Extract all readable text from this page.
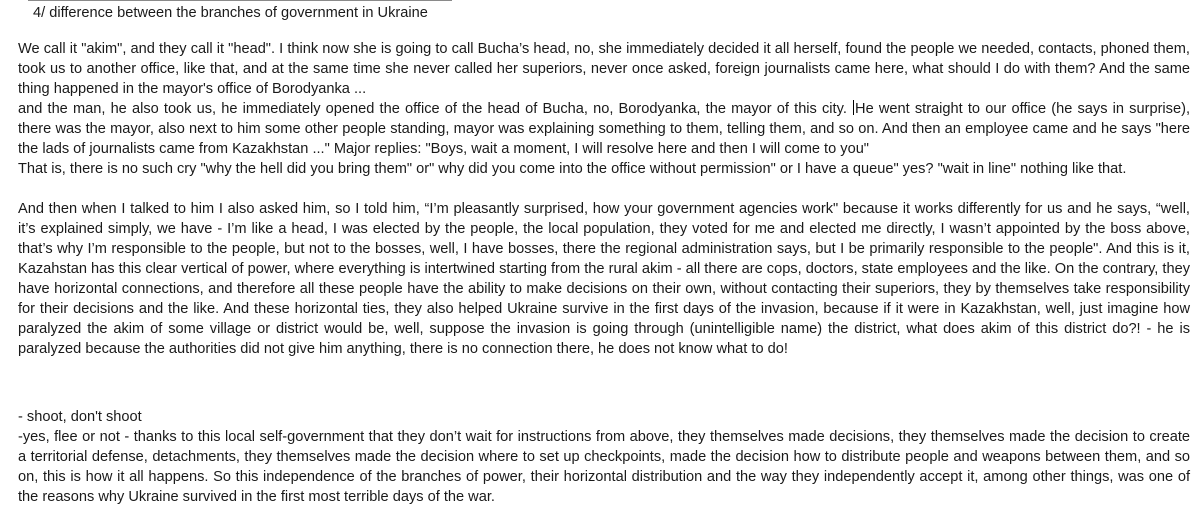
4/ difference between the branches of government in Ukraine

We call it "akim", and they call it "head". I think now she is going to call Bucha’s head, no, she immediately decided it all herself, found the people we needed, contacts, phoned them, took us to another office, like that, and at the same time she never called her superiors, never once asked, foreign journalists came here, what should I do with them? And the same thing happened in the mayor's office of Borodyanka ...

and the man, he also took us, he immediately opened the office of the head of Bucha, no, Borodyanka, the mayor of this city. He went straight to our office (he says in surprise), there was the mayor, also next to him some other people standing, mayor was explaining something to them, telling them, and so on. And then an employee came and he says "here the lads of journalists came from Kazakhstan ..." Major replies: "Boys, wait a moment, I will resolve here and then I will come to you"

That is, there is no such cry "why the hell did you bring them" or" why did you come into the office without permission" or I have a queue" yes? "wait in line" nothing like that.

And then when I talked to him I also asked him, so I told him, “I’m pleasantly surprised, how your government agencies work" because it works differently for us and he says, “well, it’s explained simply, we have - I’m like a head, I was elected by the people, the local population, they voted for me and elected me directly, I wasn’t appointed by the boss above, that’s why I’m responsible to the people, but not to the bosses, well, I have bosses, there the regional administration says, but I be primarily responsible to the people". And this is it, Kazahstan has this clear vertical of power, where everything is intertwined starting from the rural akim - all there are cops, doctors, state employees and the like. On the contrary, they have horizontal connections, and therefore all these people have the ability to make decisions on their own, without contacting their superiors, they by themselves take responsibility for their decisions and the like. And these horizontal ties, they also helped Ukraine survive in the first days of the invasion, because if it were in Kazakhstan, well, just imagine how paralyzed the akim of some village or district would be, well, suppose the invasion is going through (unintelligible name) the district, what does akim of this district do?! - he is paralyzed because the authorities did not give him anything, there is no connection there, he does not know what to do!

- shoot, don't shoot

-yes, flee or not - thanks to this local self-government that they don’t wait for instructions from above, they themselves made decisions, they themselves made the decision to create a territorial defense, detachments, they themselves made the decision where to set up checkpoints, made the decision how to distribute people and weapons between them, and so on, this is how it all happens. So this independence of the branches of power, their horizontal distribution and the way they independently accept it, among other things, was one of the reasons why Ukraine survived in the first most terrible days of the war.
